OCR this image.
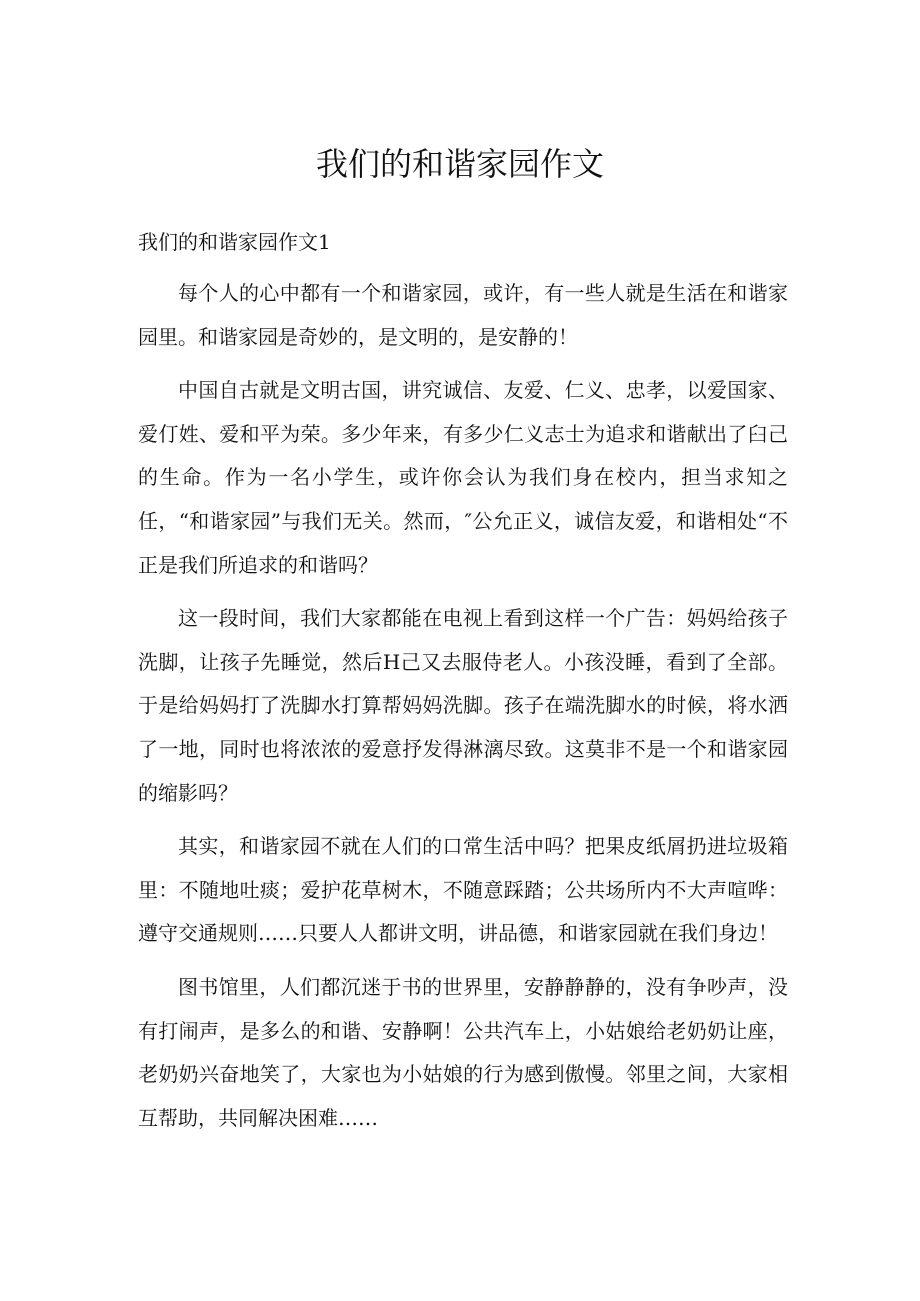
我们的和谐家园作文

我们的和谐家园作文1

每个人的心中都有一个和谐家园，或许，有一些人就是生活在和谐家园里。和谐家园是奇妙的，是文明的，是安静的！

中国自古就是文明古国，讲究诚信、友爱、仁义、忠孝，以爱国家、爱仃姓、爱和平为荣。多少年来，有多少仁义志士为追求和谐献出了臼己的生命。作为一名小学生，或许你会认为我们身在校内，担当求知之任，“和谐家园”与我们无关。然而，″公允正义，诚信友爱，和谐相处“不正是我们所追求的和谐吗？

这一段时间，我们大家都能在电视上看到这样一个广告：妈妈给孩子洗脚，让孩子先睡觉，然后H己又去服侍老人。小孩没睡，看到了全部。于是给妈妈打了洗脚水打算帮妈妈洗脚。孩子在端洗脚水的时候，将水洒了一地，同时也将浓浓的爱意抒发得淋漓尽致。这莫非不是一个和谐家园的缩影吗？

其实，和谐家园不就在人们的口常生活中吗？把果皮纸屑扔进垃圾箱里：不随地吐痰；爱护花草树木，不随意踩踏；公共场所内不大声喧哗：遵守交通规则……只要人人都讲文明，讲品德，和谐家园就在我们身边！

图书馆里，人们都沉迷于书的世界里，安静静静的，没有争吵声，没有打闹声，是多么的和谐、安静啊！公共汽车上，小姑娘给老奶奶让座，老奶奶兴奋地笑了，大家也为小姑娘的行为感到傲慢。邻里之间，大家相互帮助，共同解决困难……
